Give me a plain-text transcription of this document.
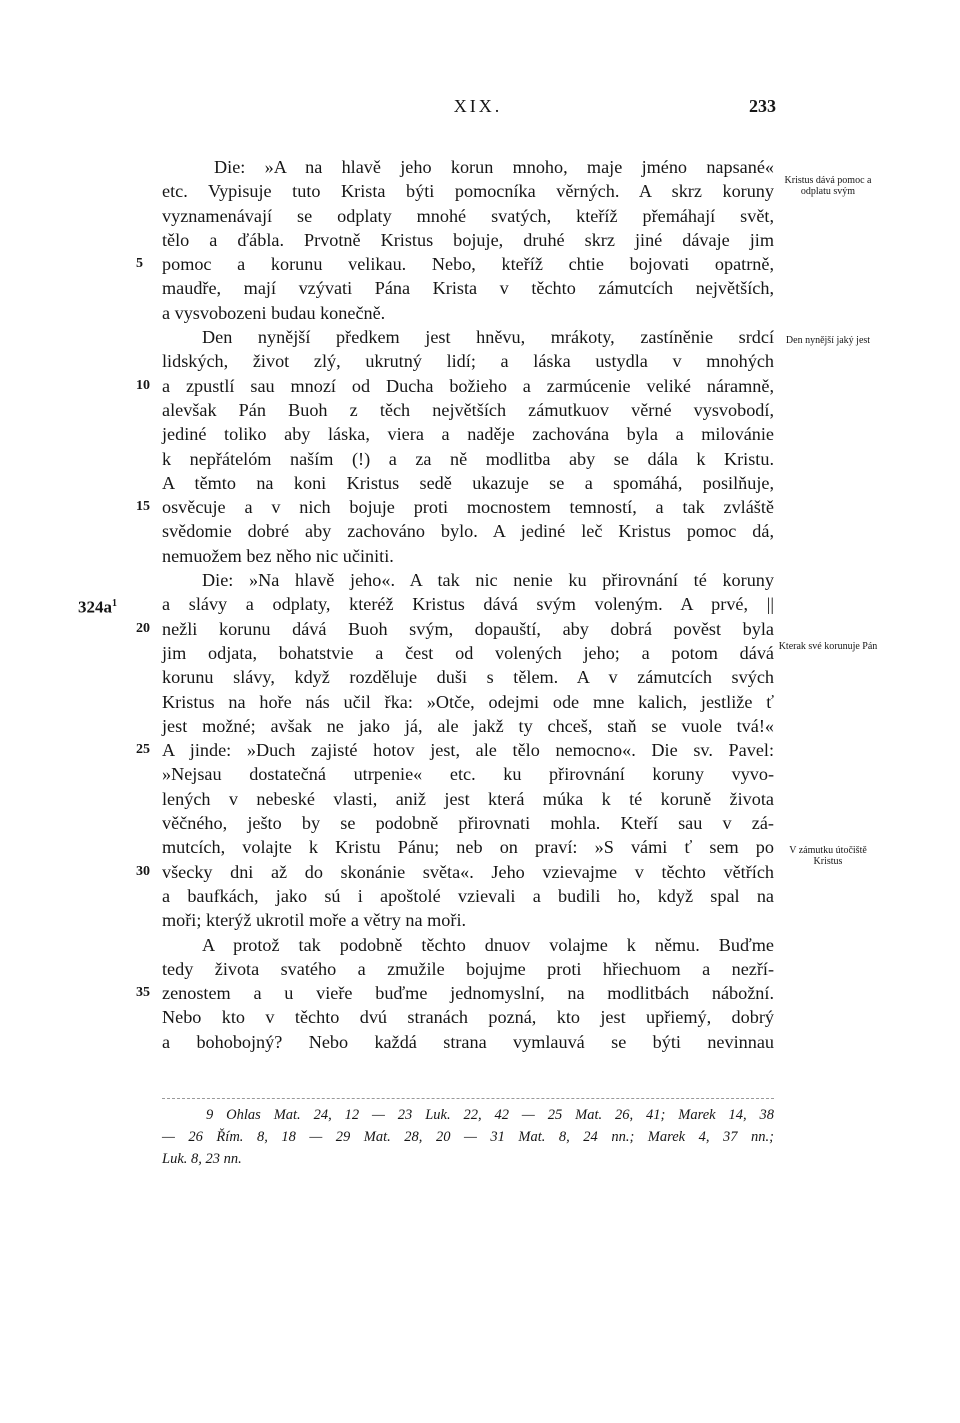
XIX.	233
Die: »A na hlavě jeho korun mnoho, maje jméno napsané«
etc. Vypisuje tuto Krista býti pomocníka věrných. A skrz koruny
vyznamenávají se odplaty mnohé svatých, kteříž přemáhají svět,
tělo a ďábla. Prvotně Kristus bojuje, druhé skrz jiné dávaje jim
5	pomoc a korunu velikau. Nebo, kteříž chtie bojovati opatrně,
maudře, mají vzývati Pána Krista v těchto zámutcích největších,
a vysvobozeni budau konečně.
Den nynější předkem jest hněvu, mrákoty, zastíněnie srdcí
lidských, život zlý, ukrutný lidí; a láska ustydla v mnohých
10 a zpustlí sau mnozí od Ducha božieho a zarmúcenie veliké náramně,
alevšak Pán Buoh z těch největších zámutkuov věrné vysvobodí,
jediné toliko aby láska, viera a naděje zachována byla a milovánie
k nepřátelóm naším (!) a za ně modlitba aby se dála k Kristu.
A těmto na koni Kristus sedě ukazuje se a spomáhá, posilňuje,
15 osvěcuje a v nich bojuje proti mocnostem temností, a tak zvláště
svědomie dobré aby zachováno bylo. A jediné leč Kristus pomoc dá,
nemuožem bez něho nic učiniti.
Die: »Na hlavě jeho«. A tak nic nenie ku přirovnání té koruny
$324a^1$ a slávy a odplaty, kteréž Kristus dává svým voleným. A prvé, ||
20 nežli korunu dává Buoh svým, dopauští, aby dobrá pověst byla
jim odjata, bohatstvie a čest od volených jeho; a potom dává
korunu slávy, když rozděluje duši s tělem. A v zámutcích svých
Kristus na hoře nás učil řka: »Otče, odejmi ode mne kalich, jestliže ť
jest možné; avšak ne jako já, ale jakž ty chceš, staň se vuole tvá!«
25 A jinde: »Duch zajisté hotov jest, ale tělo nemocno«. Die sv. Pavel:
»Nejsau dostatečná utrpenie« etc. ku přirovnání koruny vyvo-
lených v nebeské vlasti, aniž jest která múka k té koruně života
věčného, ješto by se podobně přirovnati mohla. Kteří sau v zá-
mutcích, volajte k Kristu Pánu; neb on praví: »S vámi ť sem po
30 všecky dni až do skonánie světa«. Jeho vzievajme v těchto větřích
a baufkách, jako sú i apoštolé vzievali a budili ho, když spal na
moři; kterýž ukrotil moře a větry na moři.
A protož tak podobně těchto dnuov volajme k němu. Buďme
tedy života svatého a zmužile bojujme proti hřiechuom a nezří-
35 zenostem a u vieře buďme jednomyslní, na modlitbách nábožní.
Nebo kto v těchto dvú stranách pozná, kto jest upřiemý, dobrý
a bohobojný? Nebo každá strana vymlauvá se býti nevinnau
Kristus dává pomoc a odplatu svým
Den nynější jaký jest
Kterak své korunuje Pán
V zámutku útočiště Kristus
9 Ohlas Mat. 24, 12 — 23 Luk. 22, 42 — 25 Mat. 26, 41; Marek 14, 38
— 26 Řím. 8, 18 — 29 Mat. 28, 20 — 31 Mat. 8, 24 nn.; Marek 4, 37 nn.;
Luk. 8, 23 nn.
